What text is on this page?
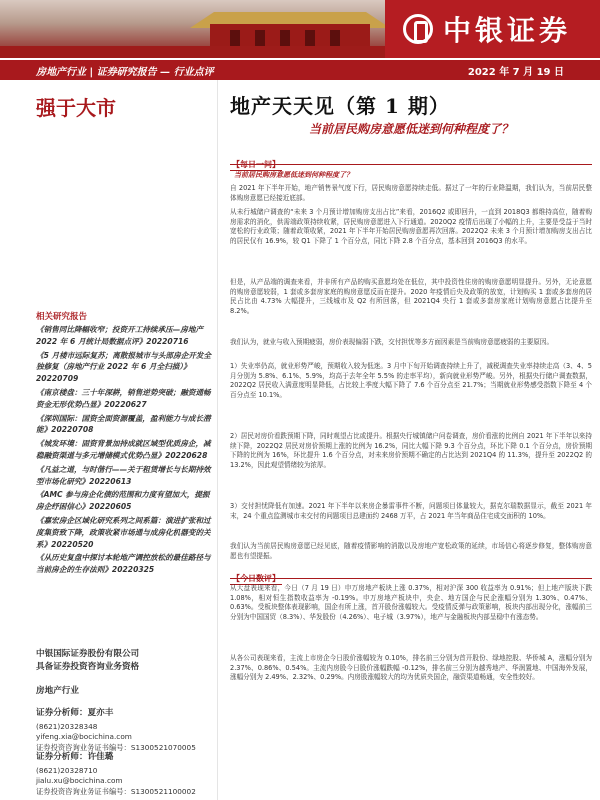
中银证券
房地产行业 | 证券研究报告 — 行业点评	2022 年 7 月 19 日
强于大市
相关研究报告
《销售同比降幅收窄；投资开工持续承压—房地产 2022 年 6 月统计局数据点评》20220716
《5 月楼市远际复苏；离散报城市与头部房企开发全独修复（房地产行业 2022 年 6 月全扫描）》20220709
《南京楼盘：三十年深耕，销售逆势突破；融资通畅资金无形优势凸显》20220627
《深圳国际：国资全面资源覆盖，盈利能力与成长潜能》20220708
《城发环境：固资背景加持成就区域型优质房企，减稳融资渠道与多元增储模式优势凸显》20220628
《凡益之道，与时偕行——关于租赁增长与长期持效型市场化研究》20220613
《AMC 参与房企化债的范围和力度有望加大，提振房企纾困信心》20220605
《嘉宏房企区域化研究系列之间系篇：演进扩张和过度集资致下降，政策收紧市场通与成房化机器变的关系》20220520
《从历史复盘中探讨本轮地产调控放松的最佳路径与当前房企的生存法则》20220325
中银国际证券股份有限公司
具备证券投资咨询业务资格
房地产行业
证券分析师：夏亦丰
(8621)20328348
yifeng.xia@bocichina.com
证券投资咨询业务证书编号：S1300521070005
证券分析师：许佳璐
(8621)20328710
jialu.xu@bocichina.com
证券投资咨询业务证书编号：S1300521100002
地产天天见（第 1 期）
当前居民购房意愿低迷到何种程度了？
【每日一问】
当前居民购房意愿低迷到何种程度了？
自 2021 年下半年开始，地产销售景气度下行，居民购房意愿持续走低。据过了一年的行业降温期，我们认为，当前居民整体购房意愿已经接近底部。
从未行城储户调查的“未来 3 个月预计增加购房支出占比”来看，2016Q2 或即回升，一直到 2018Q3 都维持高位，随着购房需求的消化，供需端政策持续收紧，居民购房意愿进入下行通道。2020Q2 疫情后出现了小幅的上升，主要是受益于当时宽松的行业政策；随着政策收紧，2021 年下半年开始居民购房意愿再次回落。2022Q2 未来 3 个月预计增加购房支出占比的居民仅有 16.9%，较 Q1 下降了 1 个百分点，同比下降 2.8 个百分点，基本回到 2016Q3 的水平。
但是，从产品端的调查来看，并非所有产品的购买意愿均处在低位，其中投资性住房的购房意愿明显提升。另外，无论意愿的购房意愿较弱，1 套或多套房家庭的购房意愿反而在提升。2020 年疫情后央及政策的放宽，计划购买 1 套或多套房的居民占比由 4.73% 大幅提升，三线城市及 Q2 有所回落，但 2021Q4 央行 1 套或多套房家庭计划购房意愿占比提升至 8.2%。
我们认为，就业与收入预期疲弱，房价表现偏弱下跌，交付担忧等多方面因素是当前购房意愿疲弱的主要原因。
1）失业率仍高，就业形势严峻，预期收入较为低迷。3 月中下旬开始调查持续上升了，减税调查失业率持续走高（3、4、5 月分别为 5.8%、6.1%、5.9%，均高于去年全年 5.5% 的走率平均），新向就业形势严峻。另外，根据央行储户调查数据，2022Q2 居民收入满意度明显降低，占比较上季度大幅下降了 7.6 个百分点至 21.7%；当期就业形势感受指数下降至 4 个百分点至 10.1%。
2）居民对房价看跌预期下降，同时观望占比或提升。根据央行城镇储户问卷调查，房价看涨的比例自 2021 年下半年以来持续下降，2022Q2 居民对房价预期上涨的比例为 16.2%，同比大幅下降 9.3 个百分点，环比下降 0.1 个百分点，房价预期下降的比例为 16%，环比提升 1.6 个百分点，对未来房价预期不确定的占比达到 2021Q4 的 11.3%，提升至 2022Q2 的 13.2%，因此观望情绪较为浓厚。
3）交付担忧降低有加速。2021 年下半年以来房企暴雷事件不断，问题项目体量较大，据克尔瑞数据显示，截至 2021 年末，24 个重点监测城市未交付的问题项目总建面约 2468 万平，占 2021 年当年商品住宅成交面积的 10%。
我们认为当前居民购房意愿已经见底，随着疫情影响的消散以及房地产宽松政策的延续，市场信心将逐步修复，整体购房意愿也有望提振。
【今日数评】
从大盘表现来看，今日（7 月 19 日）申万房地产板块上涨 0.37%，相对沪深 300 收益率为 0.91%；但上地产版块下跌 1.08%，相对恒生指数收益率为 -0.19%。申万房地产板块中，央企、地方国企与民企涨幅分别为 1.30%、0.47%、0.63%。受板块整体表现影响，国企有所上涨，首开股份涨幅较大。受疫情反弹与政策影响，板块内部出现分化，涨幅前三分别为中国国贸（8.3%）、华发股份（4.26%）、电子城（3.97%），地产与金融板块内部呈稳中有涨态势。
从各公司表现来看，主流上市房企今日股价涨幅较为 0.10%，排名前三分别为首开股份、绿地控股、华侨城 A，涨幅分别为 2.37%、0.86%、0.54%。主流内房股今日股价涨幅跌幅 -0.12%，排名前三分别为越秀地产、华润置地、中国海外发展，涨幅分别为 2.49%、2.32%、0.29%。内房股涨幅较大的均为优质央国企，融资渠道畅通，安全性较好。
